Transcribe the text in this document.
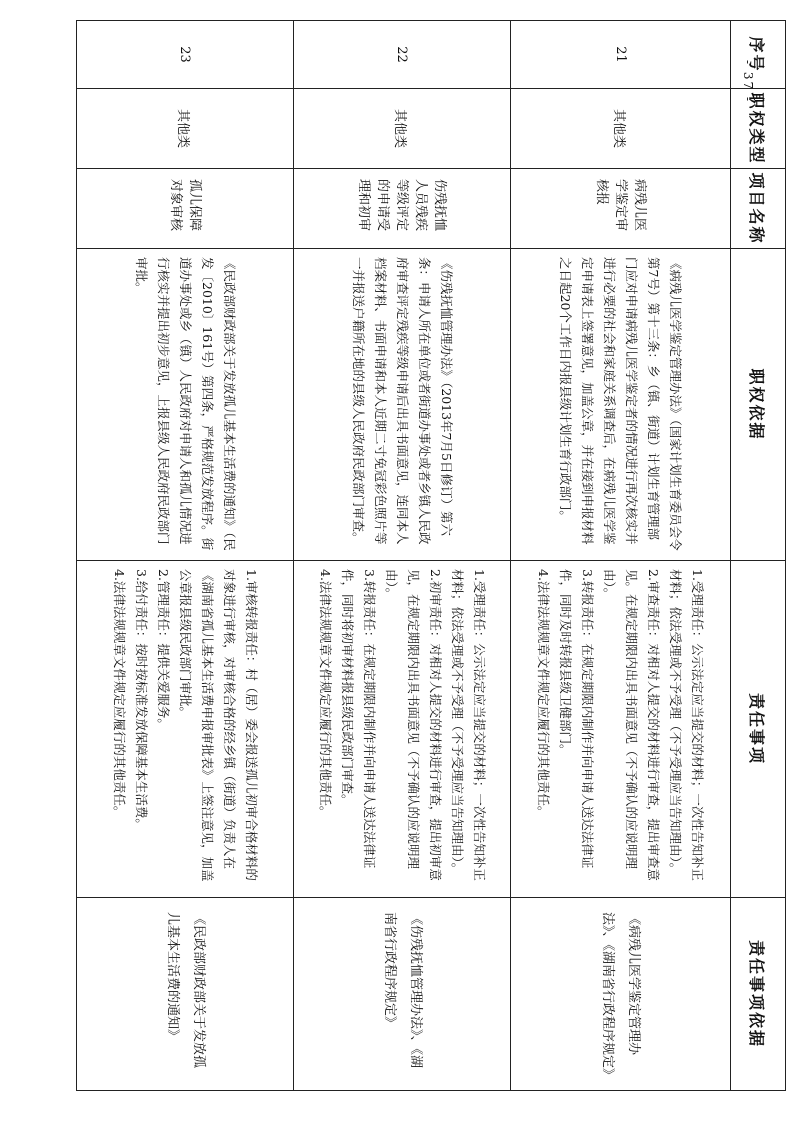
序号	职权类型	项目名称	职权依据	责任事项	责任事项依据
21	其他类	病残儿医学鉴定审核报	《病残儿医学鉴定管理办法》（国家计划生育委员会令第7号）第十三条：乡（镇、街道）计划生育管理部门应对申请病残儿医学鉴定者的情况进行再次核实并进行必要的社会和家庭关系调查后，在病残儿医学鉴定申请表上签署意见，加盖公章，并在接到申报材料之日起20个工作日内报县级计划生育行政部门。	1.受理责任：公示法定应当提交的材料；一次性告知补正材料；依法受理或不予受理（不予受理应当告知理由）。
2.审查责任：对相对人提交的材料进行审查，提出审查意见。在规定期限内出具书面意见（不予确认的应说明理由）。
3.转报责任：在规定期限内制作并向申请人送达法律证件，同时及时转报县级卫健部门。
4.法律法规规章文件规定应履行的其他责任。	《病残儿医学鉴定管理办法》、《湖南省行政程序规定》
22	其他类	伤残抚恤人员残疾等级评定的申请受理和初审	《伤残抚恤管理办法》（2013年7月5日修订）第六条：申请人所在单位或者街道办事处或者乡镇人民政府审查评定残疾等级申请后出具书面意见，连同本人档案材料、书面申请和本人近期二寸免冠彩色照片等一并报送户籍所在地的县级人民政府民政部门审查。	1.受理责任：公示法定应当提交的材料；一次性告知补正材料；依法受理或不予受理（不予受理应当告知理由）。
2.初审责任：对相对人提交的材料进行审查，提出初审意见，在规定期限内出具书面意见（不予确认的应说明理由）。
3.转报责任：在规定期限内制作并向申请人送达法律证件，同时将初审材料报县级民政部门审查。
4.法律法规规章文件规定应履行的其他责任。	《伤残抚恤管理办法》、《湖南省行政程序规定》
23	其他类	孤儿保障对象审核	《民政部财政部关于发放孤儿基本生活费的通知》（民发〔2010〕161号）第四条，严格规范发放程序。街道办事处或乡（镇）人民政府对申请人和孤儿情况进行核实并提出初步意见，上报县级人民政府民政部门审批。	1.审核转报责任：村（居）委会报送孤儿初审合格材料的对象进行审核，对审核合格的经乡镇（街道）负责人在《湖南省孤儿基本生活费申报审批表》上签注意见，加盖公章报县级民政部门审批。
2.管理责任：提供关爱服务。
3.给付责任：按时按标准发放保障基本生活费。
4.法律法规规章文件规定应履行的其他责任。	《民政部财政部关于发放孤儿基本生活费的通知》
- 37 -
